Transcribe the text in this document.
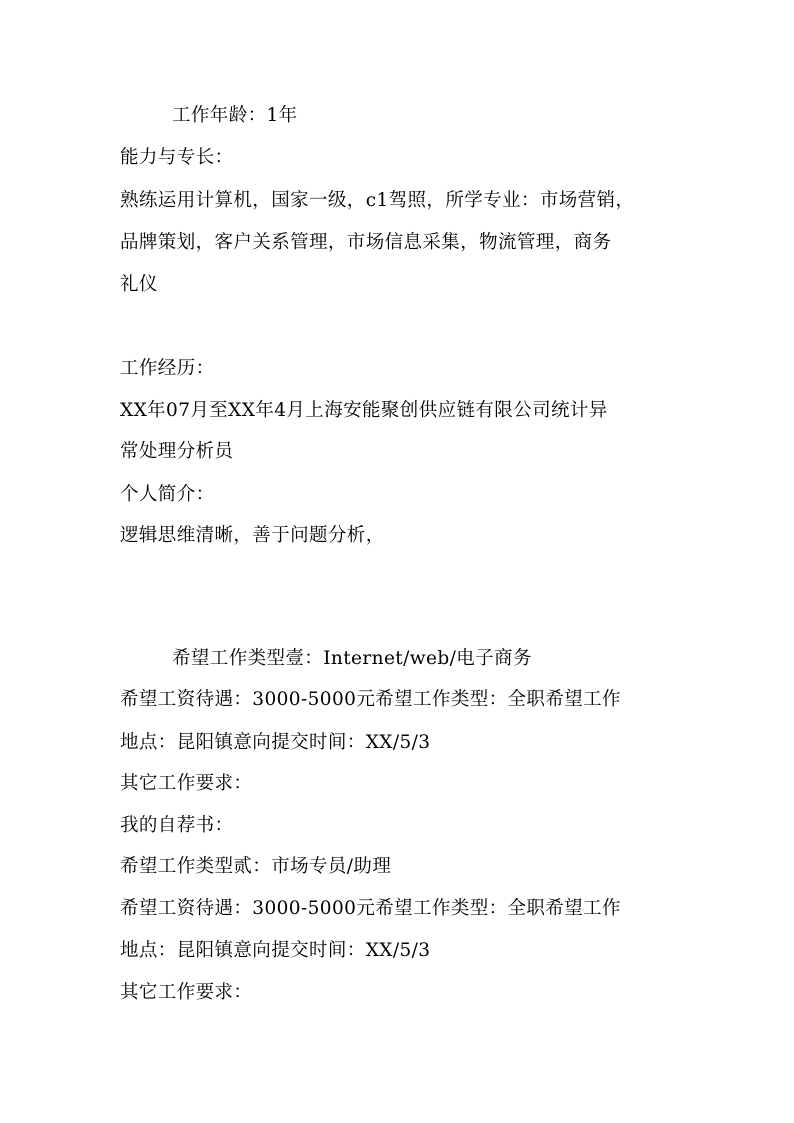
工作年龄：1年
能力与专长：
熟练运用计算机，国家一级，c1驾照，所学专业：市场营销，
品牌策划，客户关系管理，市场信息采集，物流管理，商务
礼仪
工作经历：
XX年07月至XX年4月上海安能聚创供应链有限公司统计异
常处理分析员
个人简介：
逻辑思维清晰，善于问题分析，
希望工作类型壹：Internet/web/电子商务
希望工资待遇：3000-5000元希望工作类型：全职希望工作
地点：昆阳镇意向提交时间：XX/5/3
其它工作要求：
我的自荐书：
希望工作类型贰：市场专员/助理
希望工资待遇：3000-5000元希望工作类型：全职希望工作
地点：昆阳镇意向提交时间：XX/5/3
其它工作要求：
